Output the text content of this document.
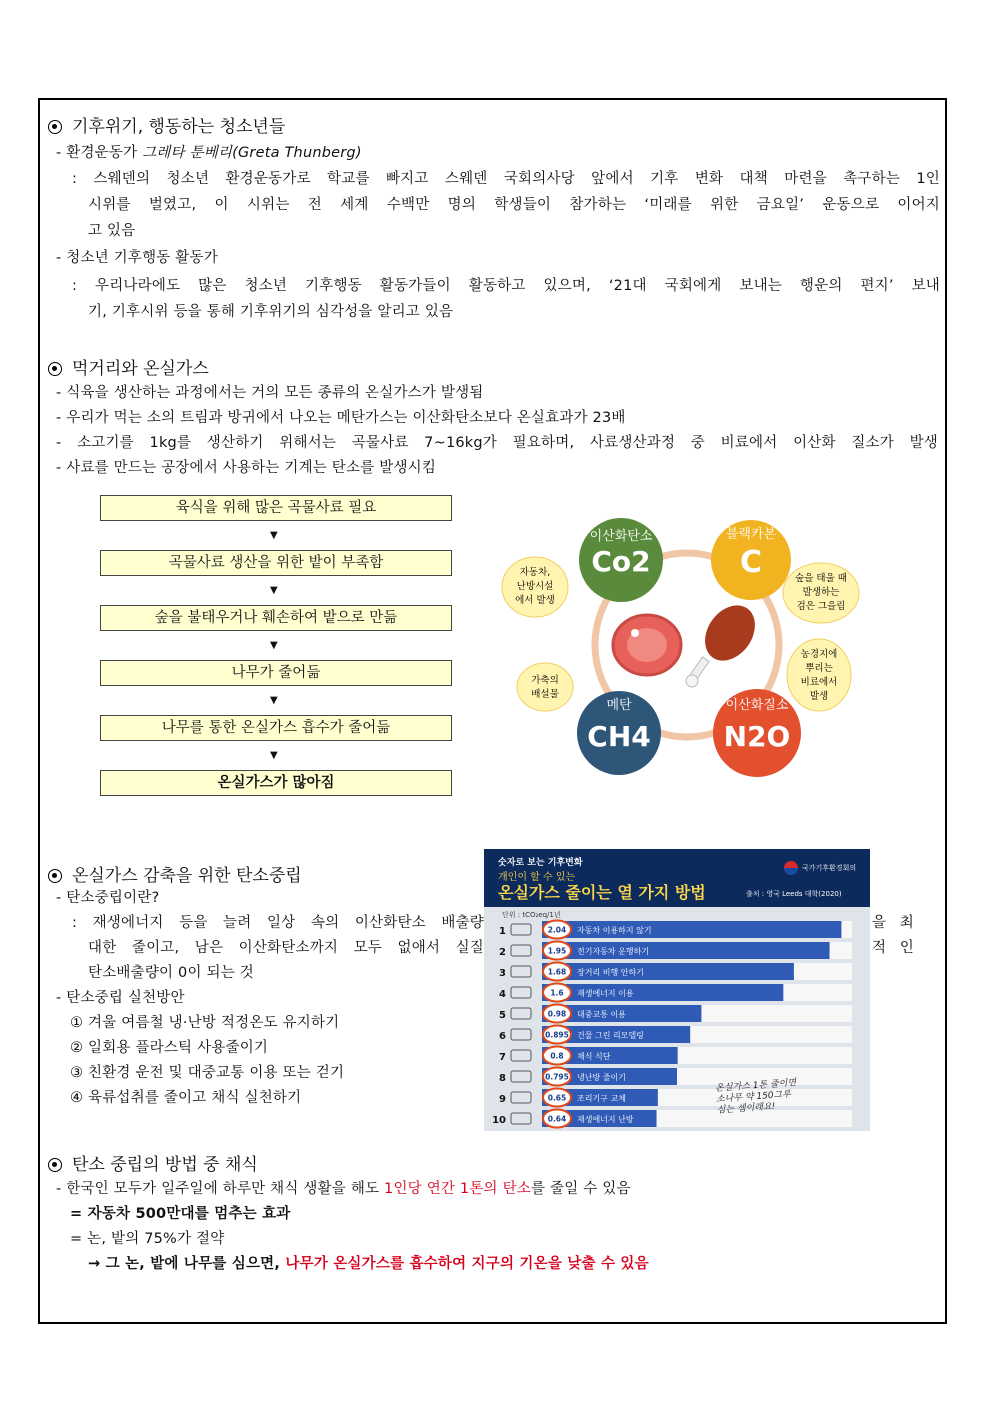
기후위기, 행동하는 청소년들
- 환경운동가 그레타 툰베리(Greta Thunberg)
: 스웨덴의 청소년 환경운동가로 학교를 빠지고 스웨덴 국회의사당 앞에서 기후 변화 대책 마련을 촉구하는 1인
시위를 벌였고, 이 시위는 전 세계 수백만 명의 학생들이 참가하는 ‘미래를 위한 금요일’ 운동으로 이어지
고 있음
- 청소년 기후행동 활동가
: 우리나라에도 많은 청소년 기후행동 활동가들이 활동하고 있으며, ‘21대 국회에게 보내는 행운의 편지’ 보내
기, 기후시위 등을 통해 기후위기의 심각성을 알리고 있음
먹거리와 온실가스
- 식육을 생산하는 과정에서는 거의 모든 종류의 온실가스가 발생됨
- 우리가 먹는 소의 트림과 방귀에서 나오는 메탄가스는 이산화탄소보다 온실효과가 23배
- 소고기를 1kg를 생산하기 위해서는 곡물사료 7~16kg가 필요하며, 사료생산과정 중 비료에서 이산화 질소가 발생
- 사료를 만드는 공장에서 사용하는 기계는 탄소를 발생시킴
육식을 위해 많은 곡물사료 필요
▼
곡물사료 생산을 위한 밭이 부족함
▼
숲을 불태우거나 훼손하여 밭으로 만듦
▼
나무가 줄어듦
▼
나무를 통한 온실가스 흡수가 줄어듦
▼
온실가스가 많아짐
이산화탄소
Co2
블랙카본
C
메탄
CH4
이산화질소
N2O
자동차,
난방시설
에서 발생
숲을 태울 때
발생하는
검은 그을림
농경지에
뿌리는
비료에서
발생
가축의
배설물
온실가스 감축을 위한 탄소중립
- 탄소중립이란?
: 재생에너지 등을 늘려 일상 속의 이산화탄소 배출량	을 최
대한 줄이고, 남은 이산화탄소까지 모두 없애서 실질	적 인
탄소배출량이 0이 되는 것
- 탄소중립 실천방안
① 겨울 여름철 냉·난방 적정온도 유지하기
② 일회용 플라스틱 사용줄이기
③ 친환경 운전 및 대중교통 이용 또는 걷기
④ 육류섭취를 줄이고 채식 실천하기
숫자로 보는 기후변화
개인이 할 수 있는
온실가스 줄이는 열 가지 방법
국가기후환경회의
출처 : 영국 Leeds 대학(2020)
단위 : tCO₂eq/1년
1	2.04 자동차 이용하지 않기
2	1.95 전기자동차 운행하기
3	1.68 장거리 비행 안하기
4	1.6 재생에너지 이용
5	0.98 대중교통 이용
6	0.895 건물 그린 리모델링
7	0.8 채식 식단
8	0.795 냉난방 줄이기
9	0.65 조리기구 교체
10	0.64 재생에너지 난방
온실가스 1톤 줄이면
소나무 약 150그루
심는 셈이래요!
탄소 중립의 방법 중 채식
- 한국인 모두가 일주일에 하루만 채식 생활을 해도 1인당 연간 1톤의 탄소를 줄일 수 있음
= 자동차 500만대를 멈추는 효과
= 논, 밭의 75%가 절약
→ 그 논, 밭에 나무를 심으면, 나무가 온실가스를 흡수하여 지구의 기온을 낮출 수 있음
